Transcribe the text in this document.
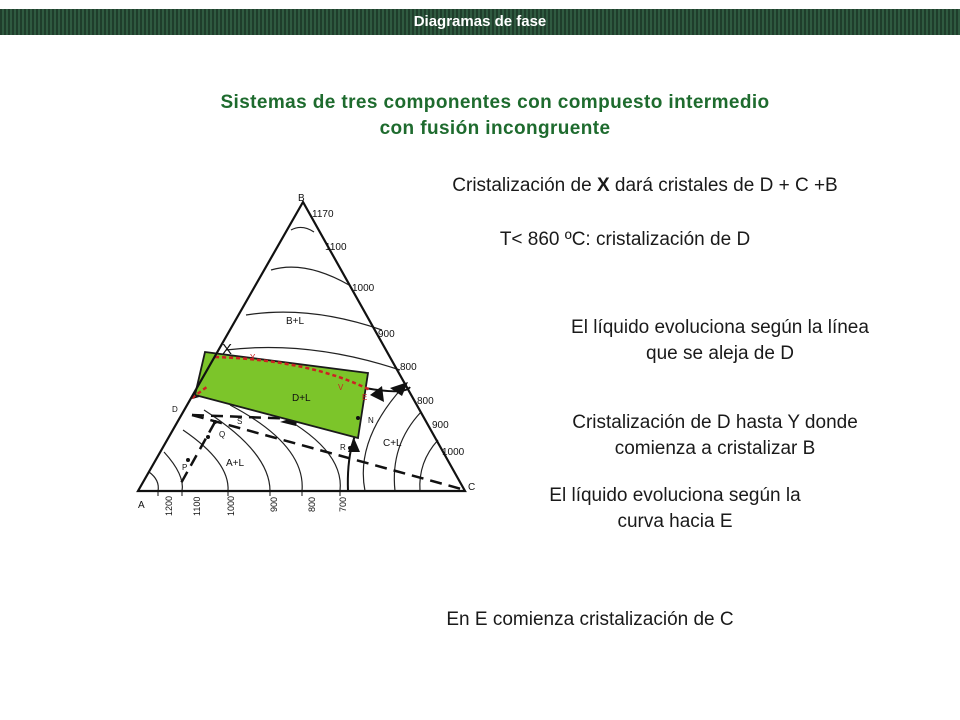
Diagramas de fase
Sistemas de tres componentes con compuesto intermedio
con fusión incongruente
Cristalización de X dará cristales de D + C +B
T< 860 ºC: cristalización de D
El líquido evoluciona según la línea
que se aleja de D
Cristalización de D hasta Y donde
comienza a cristalizar B
El líquido evoluciona según la
curva hacia E
En E comienza cristalización de C
B
A
C
1170
1100
1000
900
800
800
900
1000
1200 1100	1000	900	800 700
B+L
D+L
C+L
A+L
D
S
Q
P
N
R
Y
V
E
X
